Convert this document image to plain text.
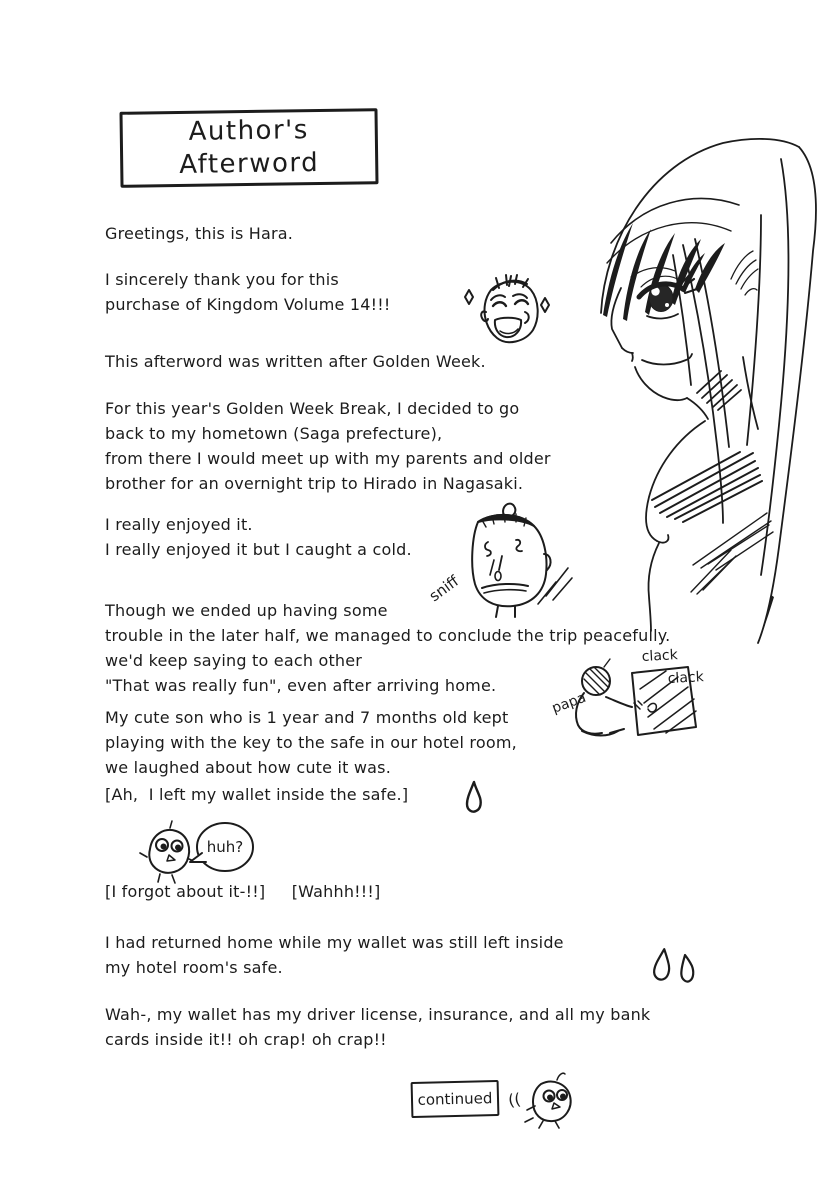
Author's
Afterword
Greetings, this is Hara.
I sincerely thank you for this
purchase of Kingdom Volume 14!!!
This afterword was written after Golden Week.
For this year's Golden Week Break, I decided to go
back to my hometown (Saga prefecture),
from there I would meet up with my parents and older
brother for an overnight trip to Hirado in Nagasaki.
I really enjoyed it.
I really enjoyed it but I caught a cold.
sniff
Though we ended up having some
trouble in the later half, we managed to conclude the trip peacefully.
we'd keep saying to each other
"That was really fun", even after arriving home.
papa
clack
clack
My cute son who is 1 year and 7 months old kept
playing with the key to the safe in our hotel room,
we laughed about how cute it was.
[Ah,  I left my wallet inside the safe.]
huh?
[I forgot about it-!!]     [Wahhh!!!]
I had returned home while my wallet was still left inside
my hotel room's safe.
Wah-, my wallet has my driver license, insurance, and all my bank
cards inside it!! oh crap! oh crap!!
continued ((
